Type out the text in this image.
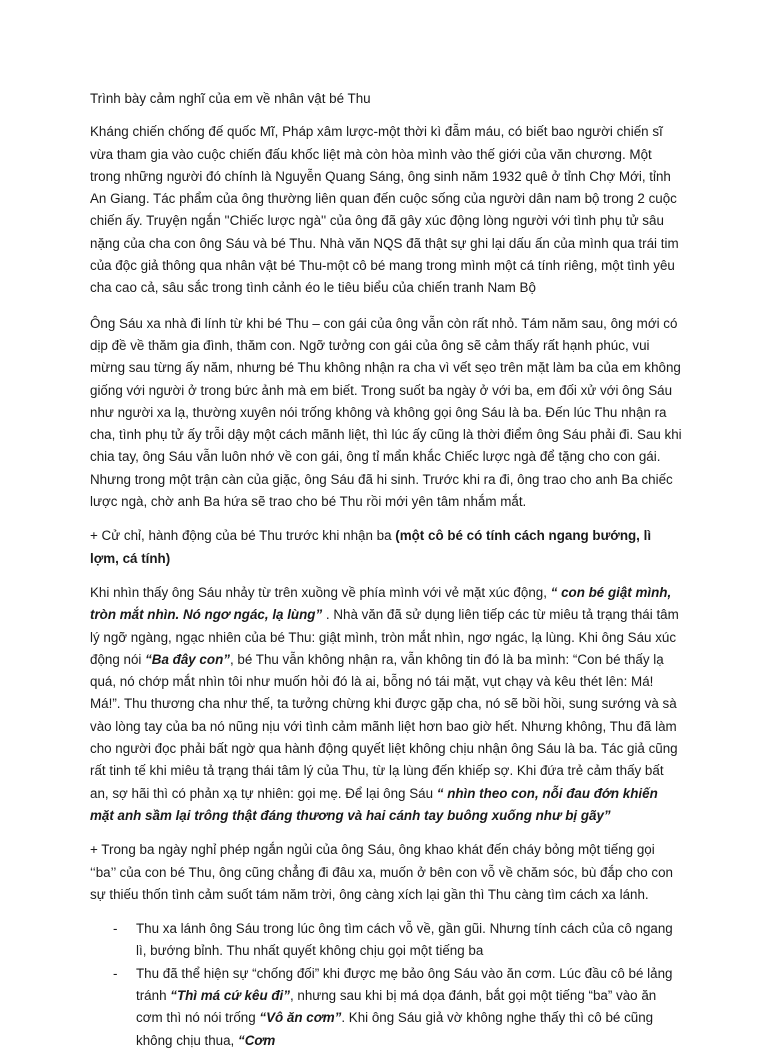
Trình bày cảm nghĩ của em về nhân vật bé Thu

Kháng chiến chống đế quốc Mĩ, Pháp xâm lược-một thời kì đẫm máu, có biết bao người chiến sĩ vừa tham gia vào cuộc chiến đấu khốc liệt mà còn hòa mình vào thế giới của văn chương. Một trong những người đó chính là Nguyễn Quang Sáng, ông sinh năm 1932 quê ở tỉnh Chợ Mới, tỉnh An Giang. Tác phẩm của ông thường liên quan đến cuộc sống của người dân nam bộ trong 2 cuộc chiến ấy. Truyện ngắn ''Chiếc lược ngà'' của ông đã gây xúc động lòng người với tình phụ tử sâu nặng của cha con ông Sáu và bé Thu. Nhà văn NQS đã thật sự ghi lại dấu ấn của mình qua trái tim của độc giả thông qua nhân vật bé Thu-một cô bé mang trong mình một cá tính riêng, một tình yêu cha cao cả, sâu sắc trong tình cảnh éo le tiêu biểu của chiến tranh Nam Bộ

Ông Sáu xa nhà đi lính từ khi bé Thu – con gái của ông vẫn còn rất nhỏ. Tám năm sau, ông mới có dịp đề về thăm gia đình, thăm con. Ngỡ tưởng con gái của ông sẽ cảm thấy rất hạnh phúc, vui mừng sau từng ấy năm, nhưng bé Thu không nhận ra cha vì vết sẹo trên mặt làm ba của em không giống với người ở trong bức ảnh mà em biết. Trong suốt ba ngày ở với ba, em đối xử với ông Sáu như người xa lạ, thường xuyên nói trống không và không gọi ông Sáu là ba. Đến lúc Thu nhận ra cha, tình phụ tử ấy trỗi dậy một cách mãnh liệt, thì lúc ấy cũng là thời điểm ông Sáu phải đi. Sau khi chia tay, ông Sáu vẫn luôn nhớ về con gái, ông tỉ mẩn khắc Chiếc lược ngà để tặng cho con gái. Nhưng trong một trận càn của giặc, ông Sáu đã hi sinh. Trước khi ra đi, ông trao cho anh Ba chiếc lược ngà, chờ anh Ba hứa sẽ trao cho bé Thu rồi mới yên tâm nhắm mắt.

+ Cử chỉ, hành động của bé Thu trước khi nhận ba (một cô bé có tính cách ngang bướng, lì lợm, cá tính)

Khi nhìn thấy ông Sáu nhảy từ trên xuồng về phía mình với vẻ mặt xúc động, “ con bé giật mình, tròn mắt nhìn. Nó ngơ ngác, lạ lùng” . Nhà văn đã sử dụng liên tiếp các từ miêu tả trạng thái tâm lý ngỡ ngàng, ngạc nhiên của bé Thu: giật mình, tròn mắt nhìn, ngơ ngác, lạ lùng. Khi ông Sáu xúc động nói “Ba đây con”, bé Thu vẫn không nhận ra, vẫn không tin đó là ba mình: “Con bé thấy lạ quá, nó chớp mắt nhìn tôi như muốn hỏi đó là ai, bỗng nó tái mặt, vụt chạy và kêu thét lên: Má! Má!”. Thu thương cha như thế, ta tưởng chừng khi được gặp cha, nó sẽ bồi hồi, sung sướng và sà vào lòng tay của ba nó nũng nịu với tình cảm mãnh liệt hơn bao giờ hết. Nhưng không, Thu đã làm cho người đọc phải bất ngờ qua hành động quyết liệt không chịu nhận ông Sáu là ba. Tác giả cũng rất tinh tế khi miêu tả trạng thái tâm lý của Thu, từ lạ lùng đến khiếp sợ. Khi đứa trẻ cảm thấy bất an, sợ hãi thì có phản xạ tự nhiên: gọi mẹ. Để lại ông Sáu “ nhìn theo con, nỗi đau đớn khiến mặt anh sầm lại trông thật đáng thương và hai cánh tay buông xuống như bị gãy”

+ Trong ba ngày nghỉ phép ngắn ngủi của ông Sáu, ông khao khát đến cháy bỏng một tiếng gọi ‘‘ba’’ của con bé Thu, ông cũng chẳng đi đâu xa, muốn ở bên con vỗ về chăm sóc, bù đắp cho con sự thiếu thốn tình cảm suốt tám năm trời, ông càng xích lại gần thì Thu càng tìm cách xa lánh.

- Thu xa lánh ông Sáu trong lúc ông tìm cách vỗ về, gần gũi. Nhưng tính cách của cô ngang lì, bướng bỉnh. Thu nhất quyết không chịu gọi một tiếng ba
- Thu đã thể hiện sự “chống đối” khi được mẹ bảo ông Sáu vào ăn cơm. Lúc đầu cô bé lảng tránh “Thì má cứ kêu đi”, nhưng sau khi bị má dọa đánh, bắt gọi một tiếng “ba” vào ăn cơm thì nó nói trống “Vô ăn cơm”. Khi ông Sáu giả vờ không nghe thấy thì cô bé cũng không chịu thua, “Cơm
